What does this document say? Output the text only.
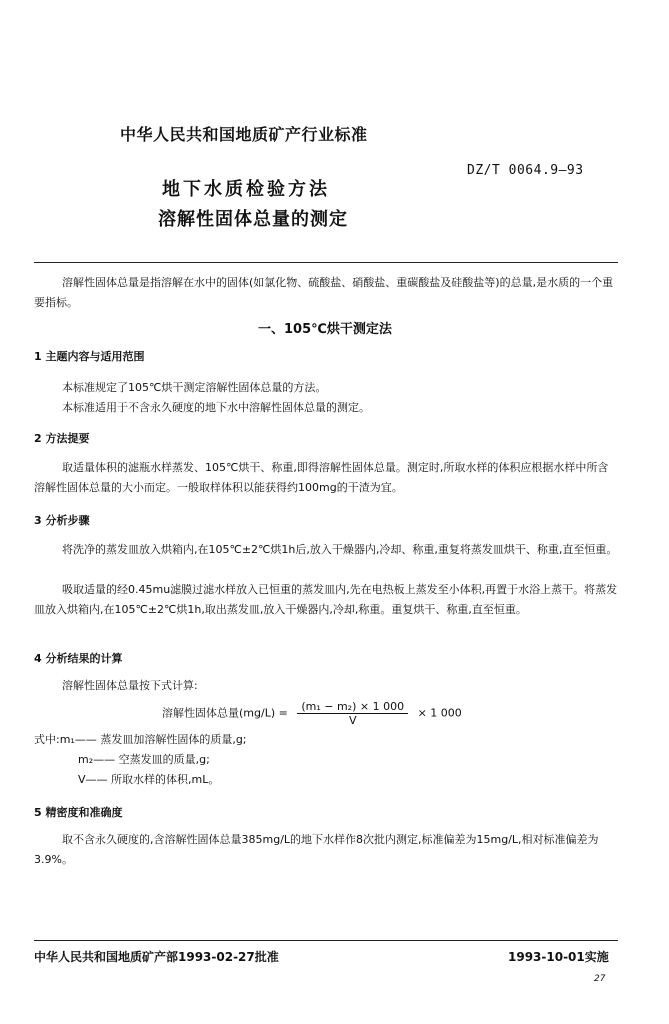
中华人民共和国地质矿产行业标准
DZ/T 0064.9—93
地下水质检验方法
溶解性固体总量的测定
溶解性固体总量是指溶解在水中的固体(如氯化物、硫酸盐、硝酸盐、重碳酸盐及硅酸盐等)的总量,是水质的一个重要指标。
一、105℃烘干测定法
1 主题内容与适用范围
本标准规定了105℃烘干测定溶解性固体总量的方法。
本标准适用于不含永久硬度的地下水中溶解性固体总量的测定。
2 方法提要
取适量体积的滤瓶水样蒸发、105℃烘干、称重,即得溶解性固体总量。测定时,所取水样的体积应根据水样中所含溶解性固体总量的大小而定。一般取样体积以能获得约100mg的干渣为宜。
3 分析步骤
将洗净的蒸发皿放入烘箱内,在105℃±2℃烘1h后,放入干燥器内,冷却、称重,重复将蒸发皿烘干、称重,直至恒重。
吸取适量的经0.45mu滤膜过滤水样放入已恒重的蒸发皿内,先在电热板上蒸发至小体积,再置于水浴上蒸干。将蒸发皿放入烘箱内,在105℃±2℃烘1h,取出蒸发皿,放入干燥器内,冷却,称重。重复烘干、称重,直至恒重。
4 分析结果的计算
溶解性固体总量按下式计算:
溶解性固体总量$(mg/L) = \frac{\text{(m₁ − m₂) × 1 000}}{V} \times 1$ 000
式中:m₁—— 蒸发皿加溶解性固体的质量,g;
m₂—— 空蒸发皿的质量,g;
V—— 所取水样的体积,mL。
5 精密度和准确度
取不含永久硬度的,含溶解性固体总量385mg/L的地下水样作8次批内测定,标准偏差为15mg/L,相对标准偏差为3.9%。
中华人民共和国地质矿产部1993-02-27批准	1993-10-01实施
27
